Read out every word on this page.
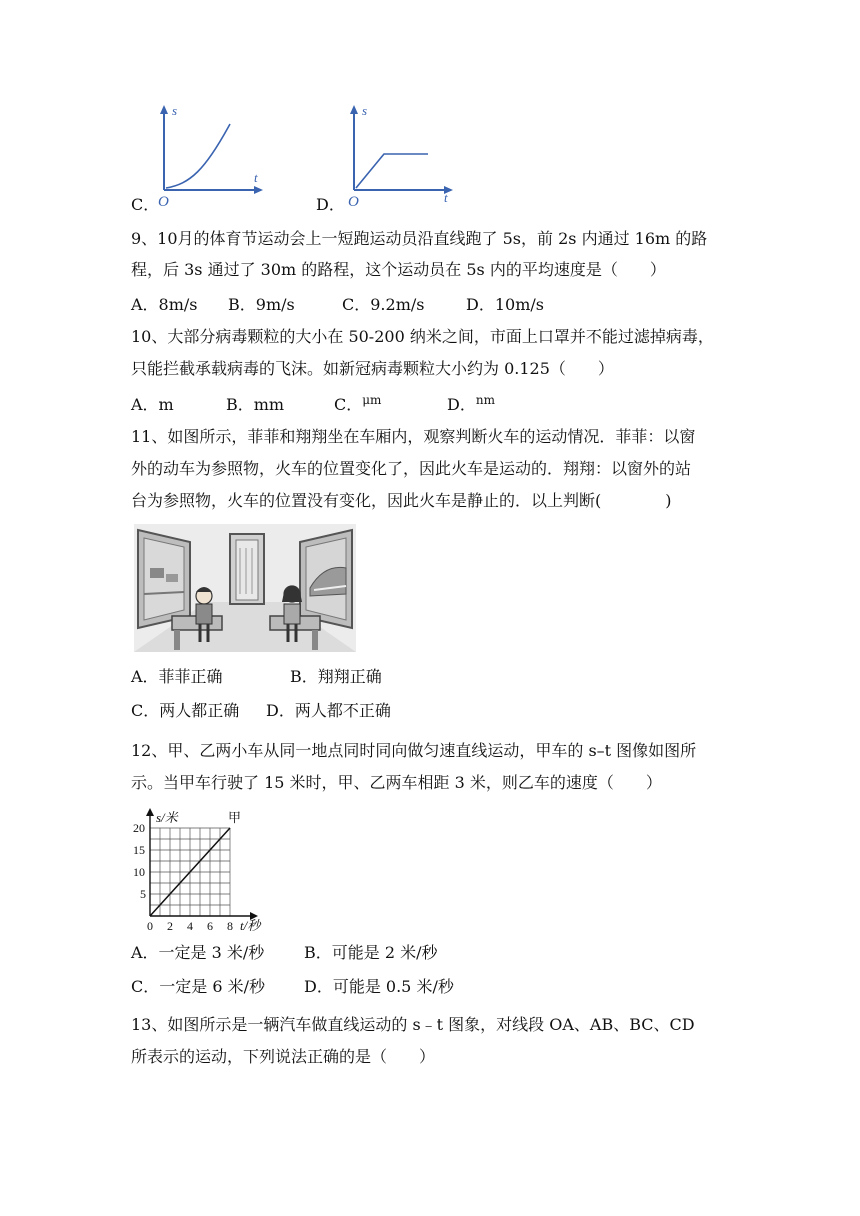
C．
s
t
O	D．
s
t
O
9、10月的体育节运动会上一短跑运动员沿直线跑了 5s，前 2s 内通过 16m 的路
程，后 3s 通过了 30m 的路程，这个运动员在 5s 内的平均速度是（　　）
A．8m/s B．9m/s	C．9.2m/s	D．10m/s
10、大部分病毒颗粒的大小在 50-200 纳米之间，市面上口罩并不能过滤掉病毒，
只能拦截承载病毒的飞沫。如新冠病毒颗粒大小约为 0.125（　　）
A．m	B．mm	C．$^{\mu m}$	D．$^{nm}$
11、如图所示，菲菲和翔翔坐在车厢内，观察判断火车的运动情况．菲菲：以窗
外的动车为参照物，火车的位置变化了，因此火车是运动的．翔翔：以窗外的站
台为参照物，火车的位置没有变化，因此火车是静止的．以上判断(　　　　)
A．菲菲正确	B．翔翔正确
C．两人都正确 D．两人都不正确
12、甲、乙两小车从同一地点同时同向做匀速直线运动，甲车的 s–t 图像如图所
示。当甲车行驶了 15 米时，甲、乙两车相距 3 米，则乙车的速度（　　）
0 2 4 6 8
5
10
15
20
甲
s/米
t/秒
A．一定是 3 米/秒 B．可能是 2 米/秒
C．一定是 6 米/秒 D．可能是 0.5 米/秒
13、如图所示是一辆汽车做直线运动的 s﹣t 图象，对线段 OA、AB、BC、CD
所表示的运动，下列说法正确的是（　　）
